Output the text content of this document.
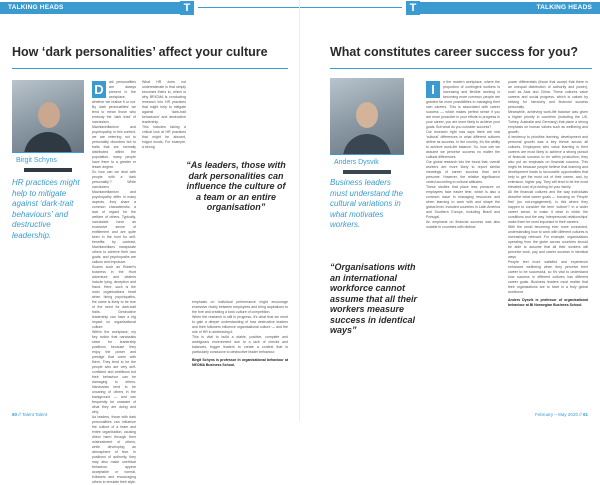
TALKING HEADS	T
How ‘dark personalities’ affect your culture
Birgit Schyns
HR practices might help to mitigate against ‘dark-trait behaviours’ and destructive leadership.
D	ark personalities are always present in the workplace, whether we realise it or not. By ‘dark personalities’ we tend to mean those who embody the ‘dark triad’ of narcissism, Machiavellianism and psychopathy. In this context, we are referring not to personality disorders but to traits that are normally distributed within the population, many people have them to a greater or lesser degree.

So how can we deal with people with a ‘dark personality’? While narcissism, Machiavellianism and psychopathy differ in many aspects, they share a common characteristic: a lack of regard for the welfare of others. Typically, narcissists have an excessive sense of entitlement and are quite keen in the hunt for self-benefits; by contrast, Machiavellians manipulate others to achieve their own goals; and psychopaths are callous and impulsive.

Scams such as Robert’s business in the Hunt adventure and dealers include lying, deception and fraud. Here, such is the main organisations heart when hiring psychopaths, the same is likely to be true of the need for dark-trait traits. Destructive leadership can have a big impact on organisational culture.

Within the workplace, my key notion that narcissists strive for leadership positions because they enjoy the power and prestige that come with them. They tend to be the people who are very self-confident and ambitious but their behaviour can be damaging to others. Narcissists tend to be uncaring of others in the background — and can frequently be unaware of what they are doing and why.

As leaders, those with dark personalities can influence the culture of a team and entire organisation, causing direct harm through their mistreatment of others, while developing an atmosphere of fear. In positions of authority, they may also make unethical behaviour appear acceptable or normal, followers and encouraging others to emulate their style.

What HR does not underestimate is that simply becomes theirs to, which is why BRICMA is conducting research into HR practices that might help to mitigate against ‘dark-trait behaviours’ and destructive leadership.

This includes taking a critical look at HR practices that might be abused, edged words. For example, a strong

“As leaders, those with dark personalities can influence the culture of a team or an entire organisation”

emphasis on individual performance might encourage excessive rivalry between employees and bring aspirations to the fore and creating a toxic culture of competition.

When the research is still in progress, it’s clear that we need to gain a deeper understanding of how destructive leaders and their followers influence organisational culture — and the role of HR in addressing it.

This is vital to build a stable, positive, complete and ambiguous environment due to a lack of checks and balances, trigger leaders to create a context that is particularly conducive to destructive leader behaviour.

Birgit Schyns is professor in organisational behaviour at NEOMA Business School.

60 // Talent Talent
T	TALKING HEADS
What constitutes career success for you?
Anders Dysvik
Business leaders must understand the cultural variations in what motivates workers.
“Organisations with an international workforce cannot assume that all their workers measure success in identical ways”
I	n the modern workplace, where the proportion of contingent workers is increasing and flexible working is becoming more common, people are granted far more possibilities in managing their own careers. This is associated with career success — which makes perfect sense if you are more proactive in your efforts to progress in your career, you are more likely to achieve your goals. But what do you consider success?

Our research right now says there are real ‘cultural’ differences in what different cultures define as success. In the country, it’s the ability to achieve work-life balance. So, how can we assume we perceive success no matter the cultural differences.

Our global research into the found that, overall workers are more likely to report similar meanings of career success than we’d presume. However, the relative significance varied according to cultural attitudes.

These studies that place less pressure on employees face easier time, which is also a common issue in managing resources and when learning to work with and shape the global level. Included countries in Latin America and Southern Europe, including Brazil and Portugal.

An emphasis on financial success was also notable in countries with distinct

power differentials (those that accept that there is an unequal distribution of authority and power), such as Asia and China. These cultures value careers and social progress, which is valued by striving for hierarchy and financial success personally.

Meanwhile, achieving work-life balance was given a higher priority in countries (including the UK, Turkey, Australia and Germany) that place a strong emphasis on human values such as wellbeing and growth.

A tendency to prioritise learning, development and personal growth was a key theme across all cultures. Employees who value learning in their careers are most likely to achieve a strong pursuit of financial success to be within production; they also put an emphasis on financial success. This might be because people believe that learning and development leads to favourable opportunities that help to get the most out of their career, and, by extension, higher pay. They will tend to be the most elevated cost of providing for your family.

All the financial cultures and the way individuals describe what career goals — focusing on ‘People first’ (so not-engagement). Is this where they happen to consider the term ‘culture’? In a wider career sense, to make it clear in which the conditions and the way ‘interpersonal relationships’ make them be most important in their careers.

With the world becoming ever more connected, understanding how to work with different cultures is increasingly relevant. For example, organisations operating from the globe across countries should be able to assume that all their workers will perceive work, pay and career success in identical ways.

People feel more satisfied and experience enhanced wellbeing when they perceive their career to be successful, so it’s vital to understand how success in different cultures has different career goals. Business leaders must realise that their organisations are to have in a truly global workforce.

Anders Dysvik is professor of organisational behaviour at BI Norwegian Business School.

February – May 2020 // 61
